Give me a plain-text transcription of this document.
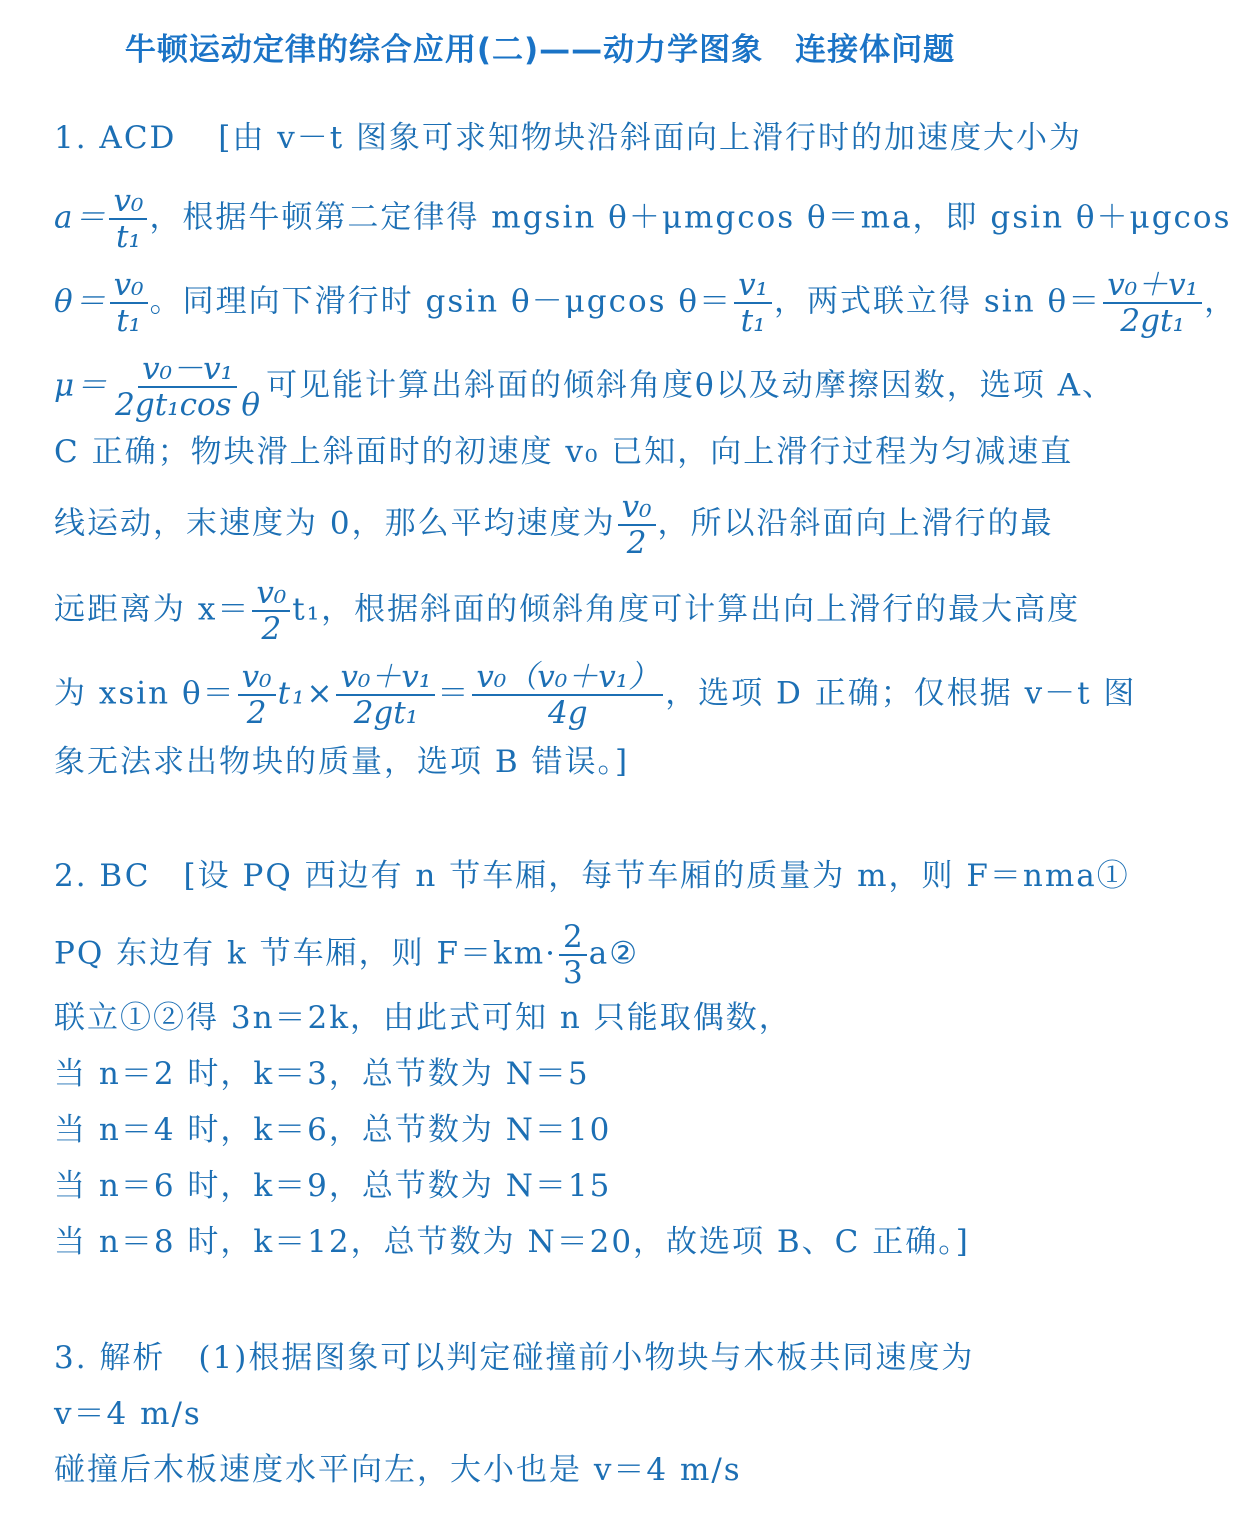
牛顿运动定律的综合应用(二)——动力学图象　连接体问题
1. ACD [由 v－t 图象可求知物块沿斜面向上滑行时的加速度大小为
$a= \frac{\text{v₀}}{\text{t₁}}$ ，根据牛顿第二定律得 mgsin θ＋μmgcos θ＝ma，即 gsin θ＋μgcos
$\theta= \frac{\text{v₀}}{\text{t₁}}$ 。同理向下滑行时 gsin θ－μgcos $\theta= \frac{\text{v₁}}{\text{t₁}}$ ，两式联立得 $\sin \theta= \frac{\text{v₀＋v₁}}{\text{2gt₁}}$ ，
$\mu= \frac{\text{v₀－v₁}}{\text{2gt₁cos θ}}$ 可见能计算出斜面的倾斜角度θ以及动摩擦因数，选项 A、
C 正确；物块滑上斜面时的初速度 v₀ 已知，向上滑行过程为匀减速直
线运动，末速度为 0，那么平均速度为 $\frac{\text{v₀}}{2}$ ，所以沿斜面向上滑行的最
远距离为 $x= \frac{\text{v₀}}{2} t_1$，根据斜面的倾斜角度可计算出向上滑行的最大高度
为 xsin $\theta= \frac{\text{v₀}}{2} t_1\times \frac{\text{v₀＋v₁}}{\text{2gt₁}} = \frac{\text{v₀（v₀＋v₁）}}{4g}$ ，选项 D 正确；仅根据 v－t 图
象无法求出物块的质量，选项 B 错误。]
2. BC　[设 PQ 西边有 n 节车厢，每节车厢的质量为 m，则 F＝nma①
PQ 东边有 k 节车厢，则 $F=km\cdot \frac{2}{3}$ a②
联立①②得 3n＝2k，由此式可知 n 只能取偶数，
当 n＝2 时，k＝3，总节数为 N＝5
当 n＝4 时，k＝6，总节数为 N＝10
当 n＝6 时，k＝9，总节数为 N＝15
当 n＝8 时，k＝12，总节数为 N＝20，故选项 B、C 正确。]
3. 解析　(1)根据图象可以判定碰撞前小物块与木板共同速度为
v＝4 m/s
碰撞后木板速度水平向左，大小也是 v＝4 m/s
